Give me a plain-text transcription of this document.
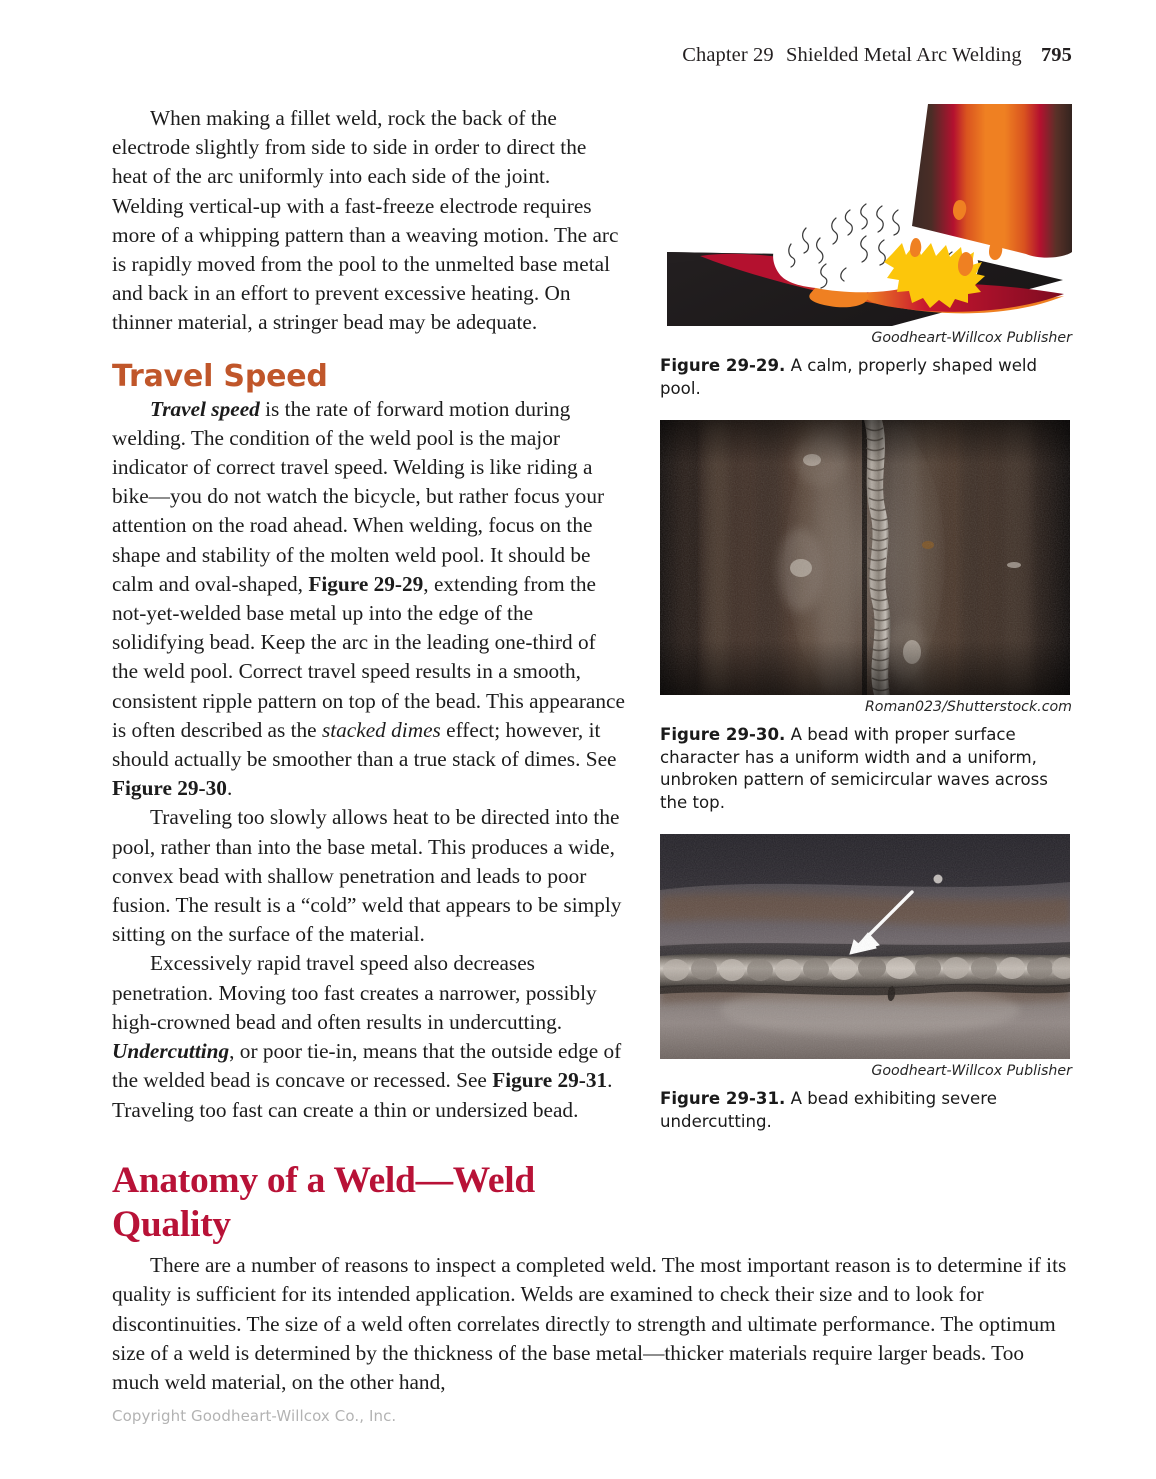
Chapter 29 Shielded Metal Arc Welding 795
Goodheart-Willcox Publisher
Figure 29-29. A calm, properly shaped weld pool.
Roman023/Shutterstock.com
Figure 29-30. A bead with proper surface character has a uniform width and a uniform, unbroken pattern of semicircular waves across the top.
Goodheart-Willcox Publisher
Figure 29-31. A bead exhibiting severe undercutting.

When making a fillet weld, rock the back of the electrode slightly from side to side in order to direct the heat of the arc uniformly into each side of the joint. Welding vertical-up with a fast-freeze electrode requires more of a whipping pattern than a weaving motion. The arc is rapidly moved from the pool to the unmelted base metal and back in an effort to prevent excessive heating. On thinner material, a stringer bead may be adequate.

Travel Speed

Travel speed is the rate of forward motion during welding. The condition of the weld pool is the major indicator of correct travel speed. Welding is like riding a bike—you do not watch the bicycle, but rather focus your attention on the road ahead. When welding, focus on the shape and stability of the molten weld pool. It should be calm and oval-shaped, Figure 29-29, extending from the not-yet-welded base metal up into the edge of the solidifying bead. Keep the arc in the leading one-third of the weld pool. Correct travel speed results in a smooth, consistent ripple pattern on top of the bead. This appearance is often described as the stacked dimes effect; however, it should actually be smoother than a true stack of dimes. See Figure 29-30.

Traveling too slowly allows heat to be directed into the pool, rather than into the base metal. This produces a wide, convex bead with shallow penetration and leads to poor fusion. The result is a “cold” weld that appears to be simply sitting on the surface of the material.

Excessively rapid travel speed also decreases penetration. Moving too fast creates a narrower, possibly high-crowned bead and often results in undercutting. Undercutting, or poor tie-in, means that the outside edge of the welded bead is concave or recessed. See Figure 29-31. Traveling too fast can create a thin or undersized bead.

Anatomy of a Weld—Weld Quality

There are a number of reasons to inspect a completed weld. The most important reason is to determine if its quality is sufficient for its intended application. Welds are examined to check their size and to look for discontinuities. The size of a weld often correlates directly to strength and ultimate performance. The optimum size of a weld is determined by the thickness of the base metal—thicker materials require larger beads. Too much weld material, on the other hand,

Copyright Goodheart-Willcox Co., Inc.
